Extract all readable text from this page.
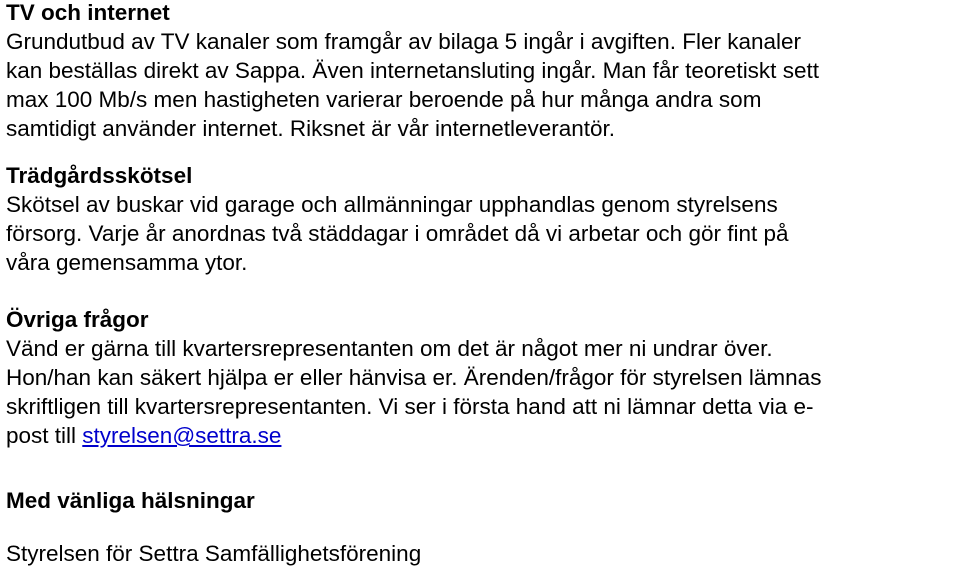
TV och internet

Grundutbud av TV kanaler som framgår av bilaga 5 ingår i avgiften. Fler kanaler
kan beställas direkt av Sappa. Även internetansluting ingår. Man får teoretiskt sett
max 100 Mb/s men hastigheten varierar beroende på hur många andra som
samtidigt använder internet. Riksnet är vår internetleverantör.

Trädgårdsskötsel

Skötsel av buskar vid garage och allmänningar upphandlas genom styrelsens
försorg. Varje år anordnas två städdagar i området då vi arbetar och gör fint på
våra gemensamma ytor.

Övriga frågor

Vänd er gärna till kvartersrepresentanten om det är något mer ni undrar över.
Hon/han kan säkert hjälpa er eller hänvisa er. Ärenden/frågor för styrelsen lämnas
skriftligen till kvartersrepresentanten. Vi ser i första hand att ni lämnar detta via e-
post till styrelsen@settra.se

Med vänliga hälsningar

Styrelsen för Settra Samfällighetsförening
